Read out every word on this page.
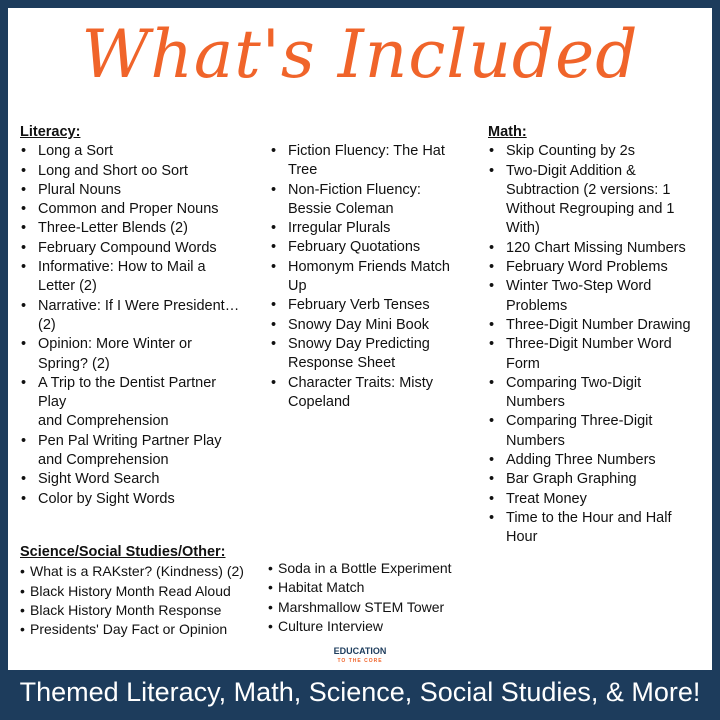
What's Included
Literacy:
• Long a Sort
• Long and Short oo Sort
• Plural Nouns
• Common and Proper Nouns
• Three-Letter Blends (2)
• February Compound Words
• Informative: How to Mail a
Letter (2)
• Narrative: If I Were President…
(2)
• Opinion: More Winter or
Spring? (2)
• A Trip to the Dentist Partner
Play
and Comprehension
• Pen Pal Writing Partner Play
and Comprehension
• Sight Word Search
• Color by Sight Words
• Fiction Fluency: The Hat
Tree
• Non-Fiction Fluency:
Bessie Coleman
• Irregular Plurals
• February Quotations
• Homonym Friends Match
Up
• February Verb Tenses
• Snowy Day Mini Book
• Snowy Day Predicting
Response Sheet
• Character Traits: Misty
Copeland
Math:
• Skip Counting by 2s
• Two-Digit Addition &
Subtraction (2 versions: 1
Without Regrouping and 1
With)
• 120 Chart Missing Numbers
• February Word Problems
• Winter Two-Step Word
Problems
• Three-Digit Number Drawing
• Three-Digit Number Word
Form
• Comparing Two-Digit
Numbers
• Comparing Three-Digit
Numbers
• Adding Three Numbers
• Bar Graph Graphing
• Treat Money
• Time to the Hour and Half
Hour
Science/Social Studies/Other:
• What is a RAKster? (Kindness) (2)
• Black History Month Read Aloud
• Black History Month Response
• Presidents' Day Fact or Opinion
• Soda in a Bottle Experiment
• Habitat Match
• Marshmallow STEM Tower
• Culture Interview
EDUCATION
TO THE CORE
Themed Literacy, Math, Science, Social Studies, & More!
